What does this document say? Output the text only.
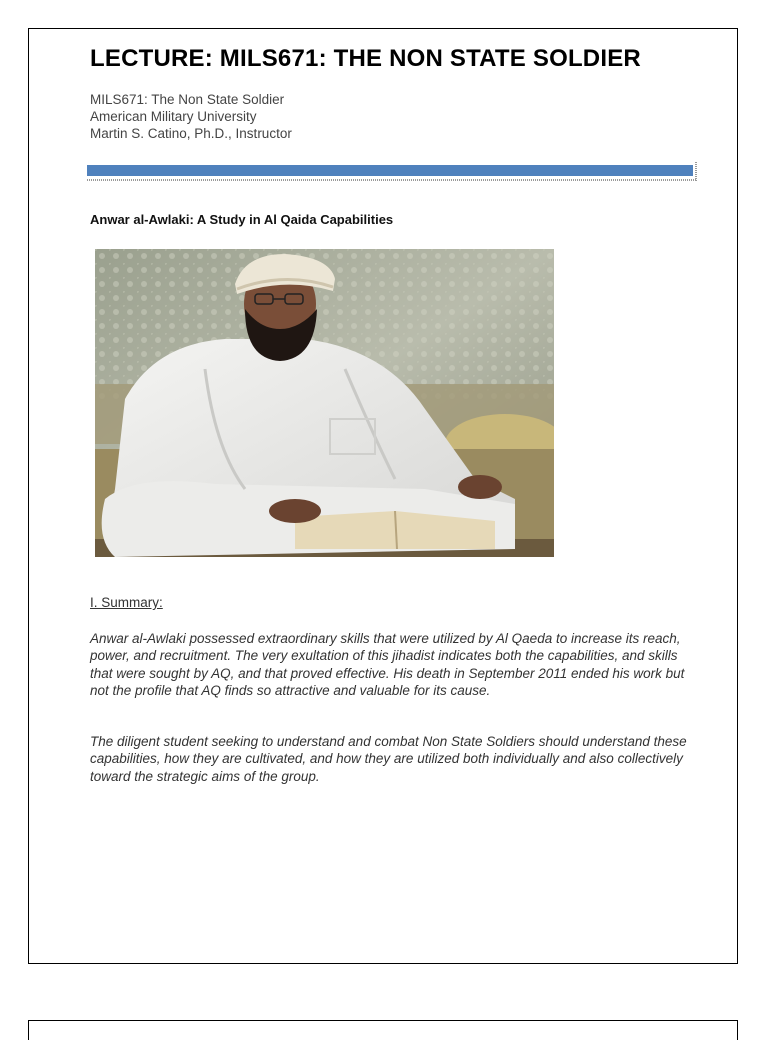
LECTURE: MILS671: THE NON STATE SOLDIER
MILS671: The Non State Soldier
American Military University
Martin S. Catino, Ph.D., Instructor
Anwar al-Awlaki: A Study in Al Qaida Capabilities
I. Summary:

Anwar al-Awlaki possessed extraordinary skills that were utilized by Al Qaeda to increase its reach, power, and recruitment. The very exultation of this jihadist indicates both the capabilities, and skills that were sought by AQ, and that proved effective. His death in September 2011 ended his work but not the profile that AQ finds so attractive and valuable for its cause.

The diligent student seeking to understand and combat Non State Soldiers should understand these capabilities, how they are cultivated, and how they are utilized both individually and also collectively toward the strategic aims of the group.
